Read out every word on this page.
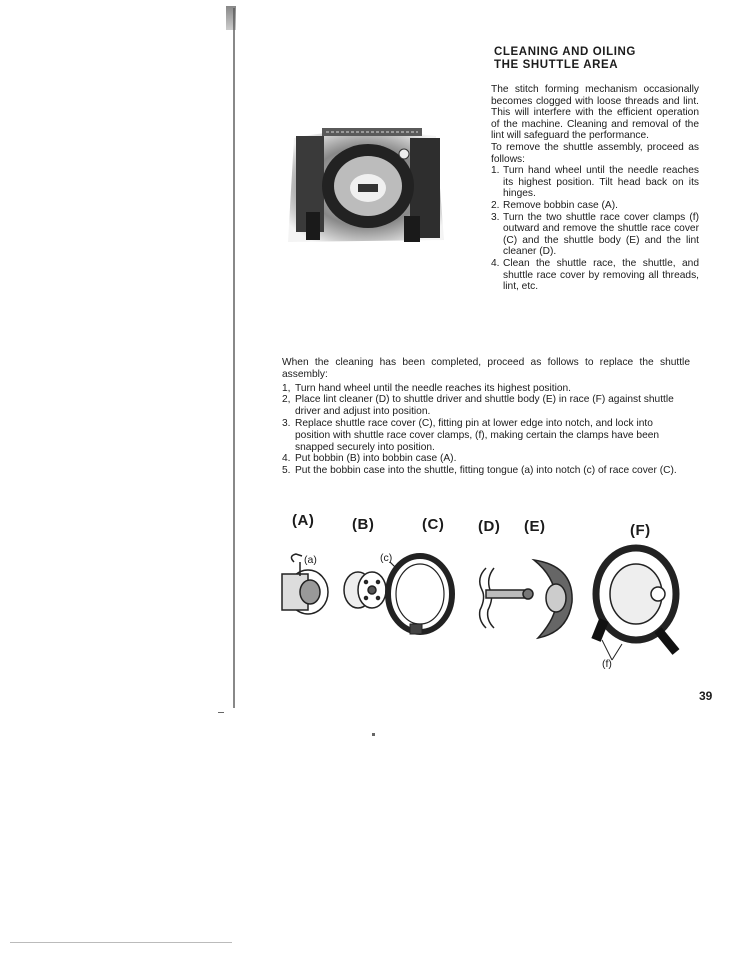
CLEANING AND OILING
THE SHUTTLE AREA

The stitch forming mechanism occasionally becomes clogged with loose threads and lint. This will interfere with the efficient operation of the machine. Cleaning and removal of the lint will safeguard the performance.

To remove the shuttle assembly, proceed as follows:

1. Turn hand wheel until the needle reaches its highest position. Tilt head back on its hinges.
2. Remove bobbin case (A).
3. Turn the two shuttle race cover clamps (f) outward and remove the shuttle race cover (C) and the shuttle body (E) and the lint cleaner (D).
4. Clean the shuttle race, the shuttle, and shuttle race cover by removing all threads, lint, etc.

When the cleaning has been completed, proceed as follows to replace the shuttle assembly:

1, Turn hand wheel until the needle reaches its highest position.
2, Place lint cleaner (D) to shuttle driver and shuttle body (E) in race (F) against shuttle driver and adjust into position.
3. Replace shuttle race cover (C), fitting pin at lower edge into notch, and lock into position with shuttle race cover clamps, (f), making certain the clamps have been snapped securely into position.
4. Put bobbin (B) into bobbin case (A).
5. Put the bobbin case into the shuttle, fitting tongue (a) into notch (c) of race cover (C).
(A)	(B)	(C) (D) (E)	(F)
(a)	(c)
(f)
39
